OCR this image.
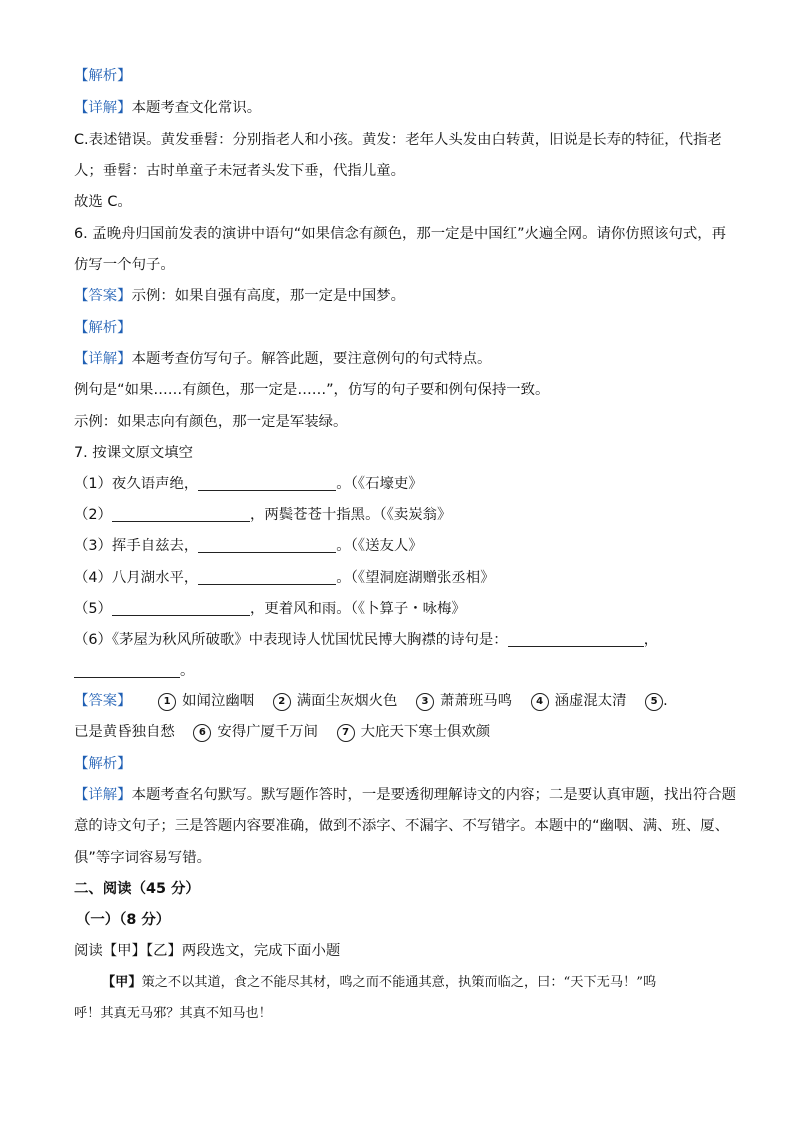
【解析】
【详解】本题考查文化常识。
C.表述错误。黄发垂髫：分别指老人和小孩。黄发：老年人头发由白转黄，旧说是长寿的特征，代指老
人；垂髫：古时单童子未冠者头发下垂，代指儿童。
故选 C。
6. 孟晚舟归国前发表的演讲中语句“如果信念有颜色，那一定是中国红”火遍全网。请你仿照该句式，再
仿写一个句子。
【答案】示例：如果自强有高度，那一定是中国梦。
【解析】
【详解】本题考查仿写句子。解答此题，要注意例句的句式特点。
例句是“如果……有颜色，那一定是……”，仿写的句子要和例句保持一致。
示例：如果志向有颜色，那一定是军装绿。
7. 按课文原文填空
（1）夜久语声绝，	。（《石壕吏》
（2）	，两鬓苍苍十指黑。（《卖炭翁》
（3）挥手自兹去，	。（《送友人》
（4）八月湖水平，	。（《望洞庭湖赠张丞相》
（5）	，更着风和雨。（《卜算子・咏梅》
（6）《茅屋为秋风所破歌》中表现诗人忧国忧民博大胸襟的诗句是：	，
。
【答案】	1 如闻泣幽咽 2 满面尘灰烟火色 3 萧萧班马鸣 4 涵虚混太清 5 .
已是黄昏独自愁 6 安得广厦千万间 7 大庇天下寒士俱欢颜
【解析】
【详解】本题考查名句默写。默写题作答时，一是要透彻理解诗文的内容；二是要认真审题，找出符合题
意的诗文句子；三是答题内容要准确，做到不添字、不漏字、不写错字。本题中的“幽咽、满、班、厦、
俱”等字词容易写错。
二、阅读（45 分）
（一）（8 分）
阅读【甲】【乙】两段选文，完成下面小题
【甲】策之不以其道，食之不能尽其材，鸣之而不能通其意，执策而临之，曰：“天下无马！”呜
呼！其真无马邪？其真不知马也！
